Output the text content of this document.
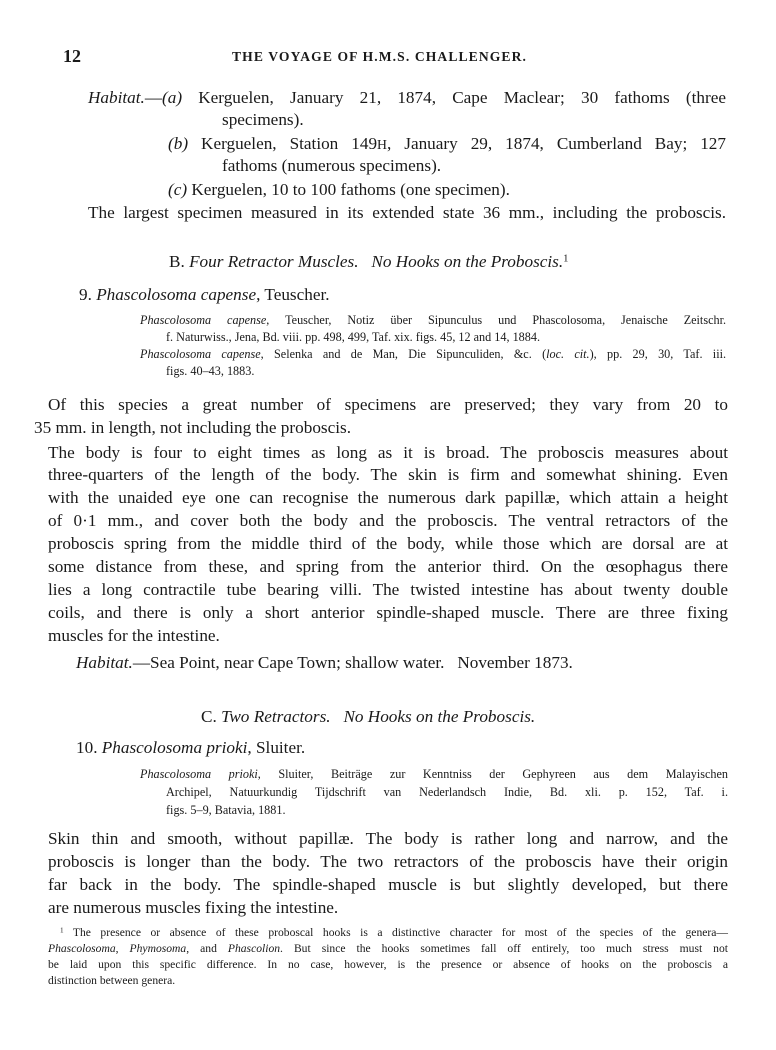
12	THE VOYAGE OF H.M.S. CHALLENGER.

Habitat.—(a) Kerguelen, January 21, 1874, Cape Maclear; 30 fathoms (three

specimens).

(b) Kerguelen, Station 149H, January 29, 1874, Cumberland Bay; 127

fathoms (numerous specimens).

(c) Kerguelen, 10 to 100 fathoms (one specimen).

The largest specimen measured in its extended state 36 mm., including the proboscis.

B. Four Retractor Muscles.   No Hooks on the Proboscis.$^1$

9. Phascolosoma capense, Teuscher.

Phascolosoma capense, Teuscher, Notiz über Sipunculus und Phascolosoma, Jenaische Zeitschr.

f. Naturwiss., Jena, Bd. viii. pp. 498, 499, Taf. xix. figs. 45, 12 and 14, 1884.

Phascolosoma capense, Selenka and de Man, Die Sipunculiden, &c. (loc. cit.), pp. 29, 30, Taf. iii.

figs. 40–43, 1883.

Of this species a great number of specimens are preserved; they vary from 20 to

35 mm. in length, not including the proboscis.

The body is four to eight times as long as it is broad. The proboscis measures about

three-quarters of the length of the body. The skin is firm and somewhat shining. Even

with the unaided eye one can recognise the numerous dark papillæ, which attain a height

of 0·1 mm., and cover both the body and the proboscis. The ventral retractors of the

proboscis spring from the middle third of the body, while those which are dorsal are at

some distance from these, and spring from the anterior third. On the œsophagus there

lies a long contractile tube bearing villi. The twisted intestine has about twenty double

coils, and there is only a short anterior spindle-shaped muscle. There are three fixing

muscles for the intestine.

Habitat.—Sea Point, near Cape Town; shallow water.   November 1873.

C. Two Retractors.   No Hooks on the Proboscis.

10. Phascolosoma prioki, Sluiter.

Phascolosoma prioki, Sluiter, Beiträge zur Kenntniss der Gephyreen aus dem Malayischen

Archipel, Natuurkundig Tijdschrift van Nederlandsch Indie, Bd. xli. p. 152, Taf. i.

figs. 5–9, Batavia, 1881.

Skin thin and smooth, without papillæ. The body is rather long and narrow, and the

proboscis is longer than the body. The two retractors of the proboscis have their origin

far back in the body. The spindle-shaped muscle is but slightly developed, but there

are numerous muscles fixing the intestine.

$^1$ The presence or absence of these proboscal hooks is a distinctive character for most of the species of the genera—

Phascolosoma, Phymosoma, and Phascolion. But since the hooks sometimes fall off entirely, too much stress must not

be laid upon this specific difference. In no case, however, is the presence or absence of hooks on the proboscis a

distinction between genera.
